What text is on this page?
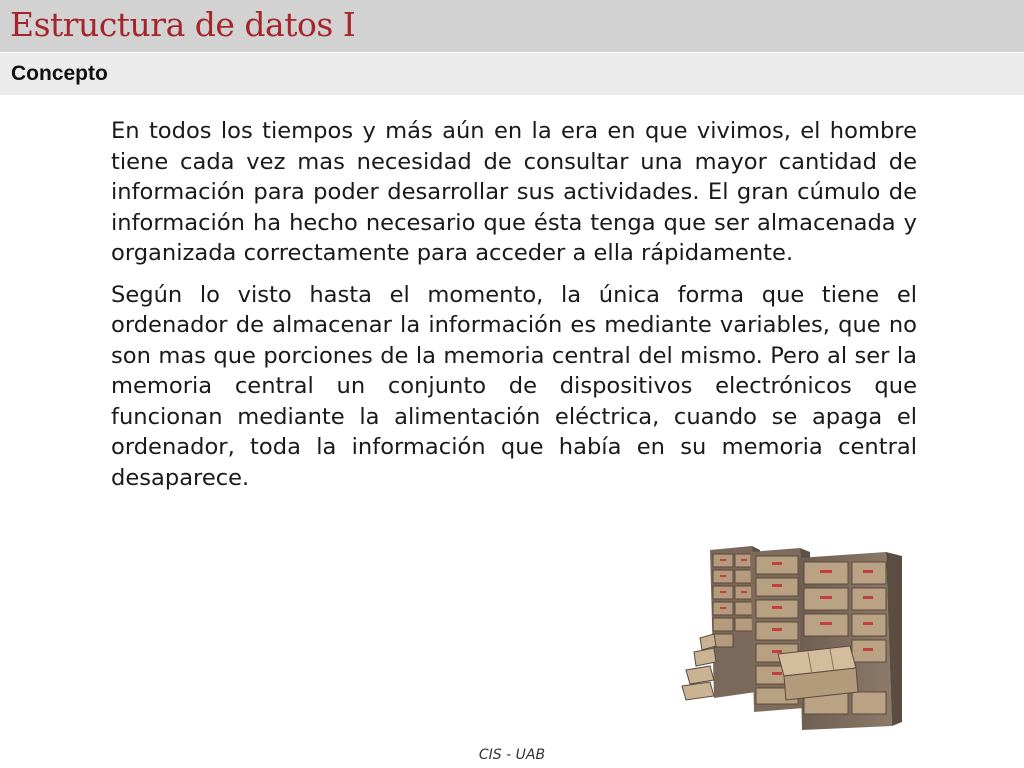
Estructura de datos I
Concepto

En todos los tiempos y más aún en la era en que vivimos, el hombre tiene cada vez mas necesidad de consultar una mayor cantidad de información para poder desarrollar sus actividades. El gran cúmulo de información ha hecho necesario que ésta tenga que ser almacenada y organizada correctamente para acceder a ella rápidamente.

Según lo visto hasta el momento, la única forma que tiene el ordenador de almacenar la información es mediante variables, que no son mas que porciones de la memoria central del mismo. Pero al ser la memoria central un conjunto de dispositivos electrónicos que funcionan mediante la alimentación eléctrica, cuando se apaga el ordenador, toda la información que había en su memoria central desaparece.

CIS - UAB
